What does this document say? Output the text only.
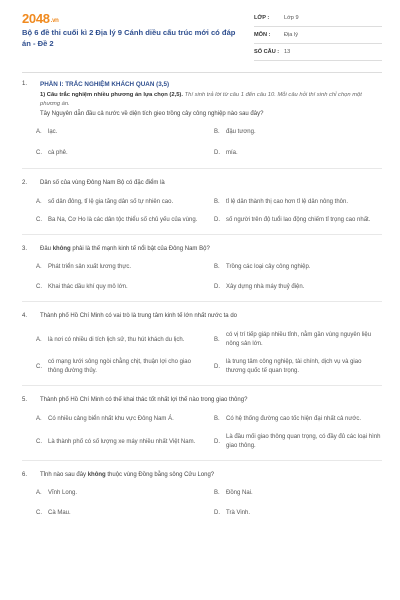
2048.vn
Bộ 6 đề thi cuối kì 2 Địa lý 9 Cánh diều cấu trúc mới có đáp án - Đề 2
LỚP :	Lớp 9
MÔN :	Địa lý
SỐ CÂU : 13
1.	PHẦN I: TRẮC NGHIỆM KHÁCH QUAN (3,5)
1) Câu trắc nghiệm nhiều phương án lựa chọn (2,5). Thí sinh trả lời từ câu 1 đến câu 10. Mỗi câu hỏi thí sinh chỉ chọn một phương án.
Tây Nguyên dẫn đầu cả nước về diện tích gieo trồng cây công nghiệp nào sau đây?
A.	lạc.	B.	đậu tương.
C.	cà phê.	D.	mía.
2.	Dân số của vùng Đông Nam Bộ có đặc điểm là
A.	số dân đông, tỉ lệ gia tăng dân số tự nhiên cao.	B.	tỉ lệ dân thành thị cao hơn tỉ lệ dân nông thôn.
C.	Ba Na, Cơ Ho là các dân tộc thiểu số chủ yếu của vùng.	D.	số người trên độ tuổi lao động chiếm tỉ trọng cao nhất.
3.	Đâu không phải là thế mạnh kinh tế nổi bật của Đông Nam Bộ?
A.	Phát triển sản xuất lương thực.	B.	Trồng các loại cây công nghiệp.
C.	Khai thác dầu khí quy mô lớn.	D.	Xây dựng nhà máy thuỷ điện.
4.	Thành phố Hồ Chí Minh có vai trò là trung tâm kinh tế lớn nhất nước ta do
A.	là nơi có nhiều di tích lịch sử, thu hút khách du lịch.	B.
có vị trí tiếp giáp nhiều tỉnh, nằm gần vùng nguyên liệu nông sản lớn.
C.
có mạng lưới sông ngòi chằng chịt, thuận lợi cho giao thông đường thủy.
D.
là trung tâm công nghiệp, tài chính, dịch vụ và giao thương quốc tế quan trọng.
5.	Thành phố Hồ Chí Minh có thế khai thác tốt nhất lợi thế nào trong giao thông?
A.	Có nhiều cảng biển nhất khu vực Đông Nam Á.	B.	Có hệ thống đường cao tốc hiện đại nhất cả nước.
C.	Là thành phố có số lượng xe máy nhiều nhất Việt Nam.	D.
Là đầu mối giao thông quan trọng, có đầy đủ các loại hình giao thông.
6.	Tỉnh nào sau đây không thuộc vùng Đồng bằng sông Cửu Long?
A.	Vĩnh Long.	B.	Đồng Nai.
C.	Cà Mau.	D.	Trà Vinh.
